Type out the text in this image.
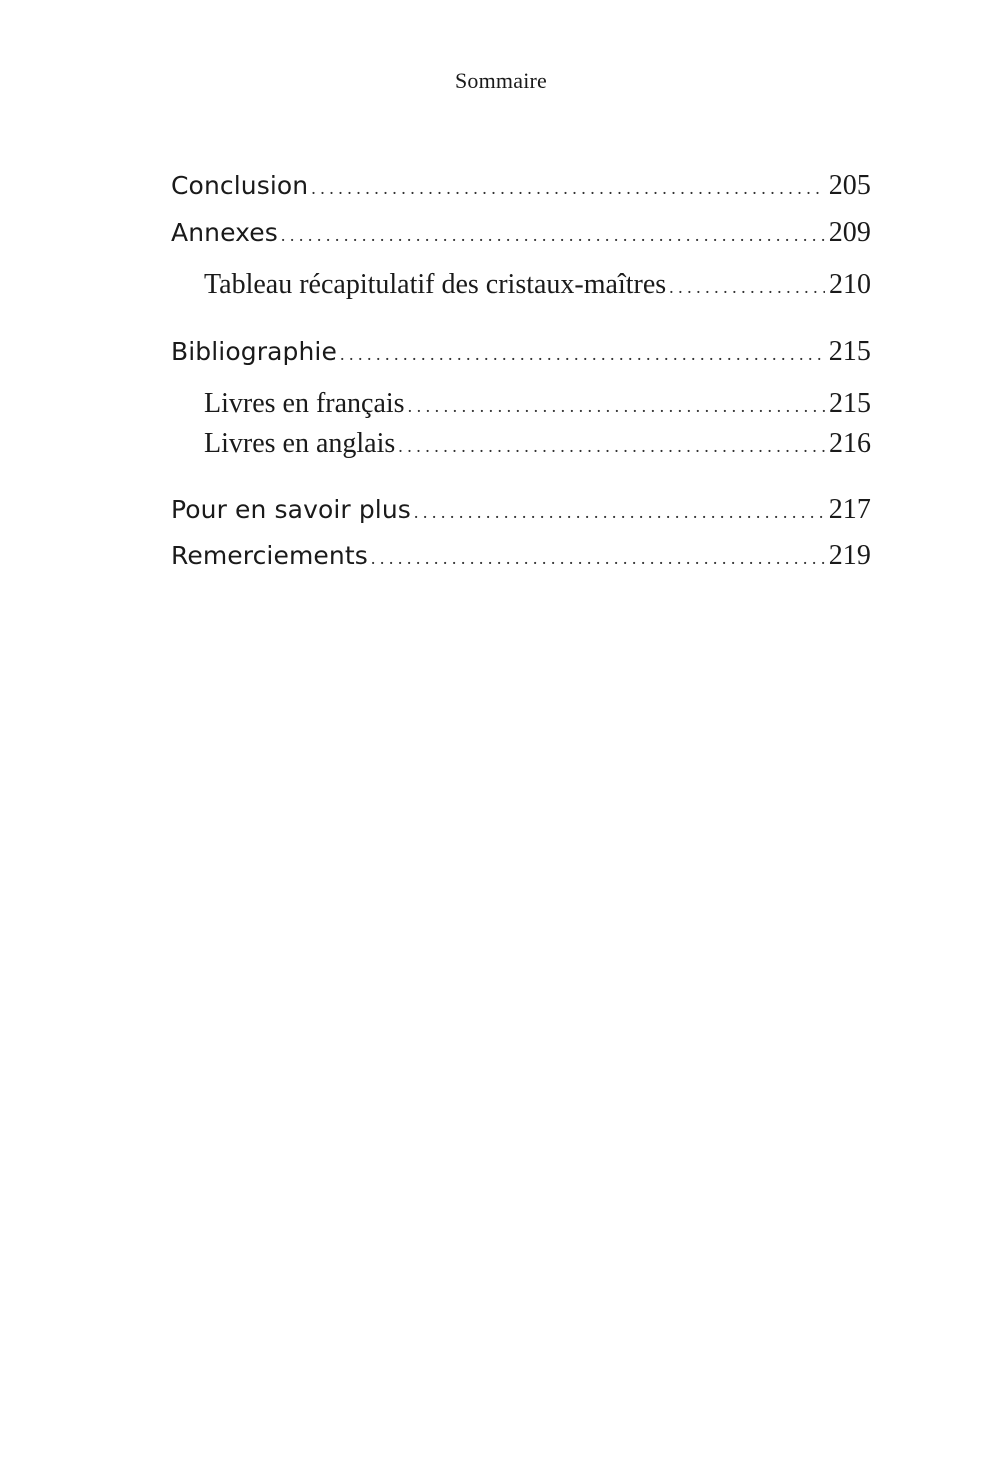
Sommaire
Conclusion . . .	205
Annexes . . .	209
Tableau récapitulatif des cristaux-maîtres . . .	210
Bibliographie . . .	215
Livres en français . . .	215
Livres en anglais . . .	216
Pour en savoir plus . . .	217
Remerciements . . .	219
